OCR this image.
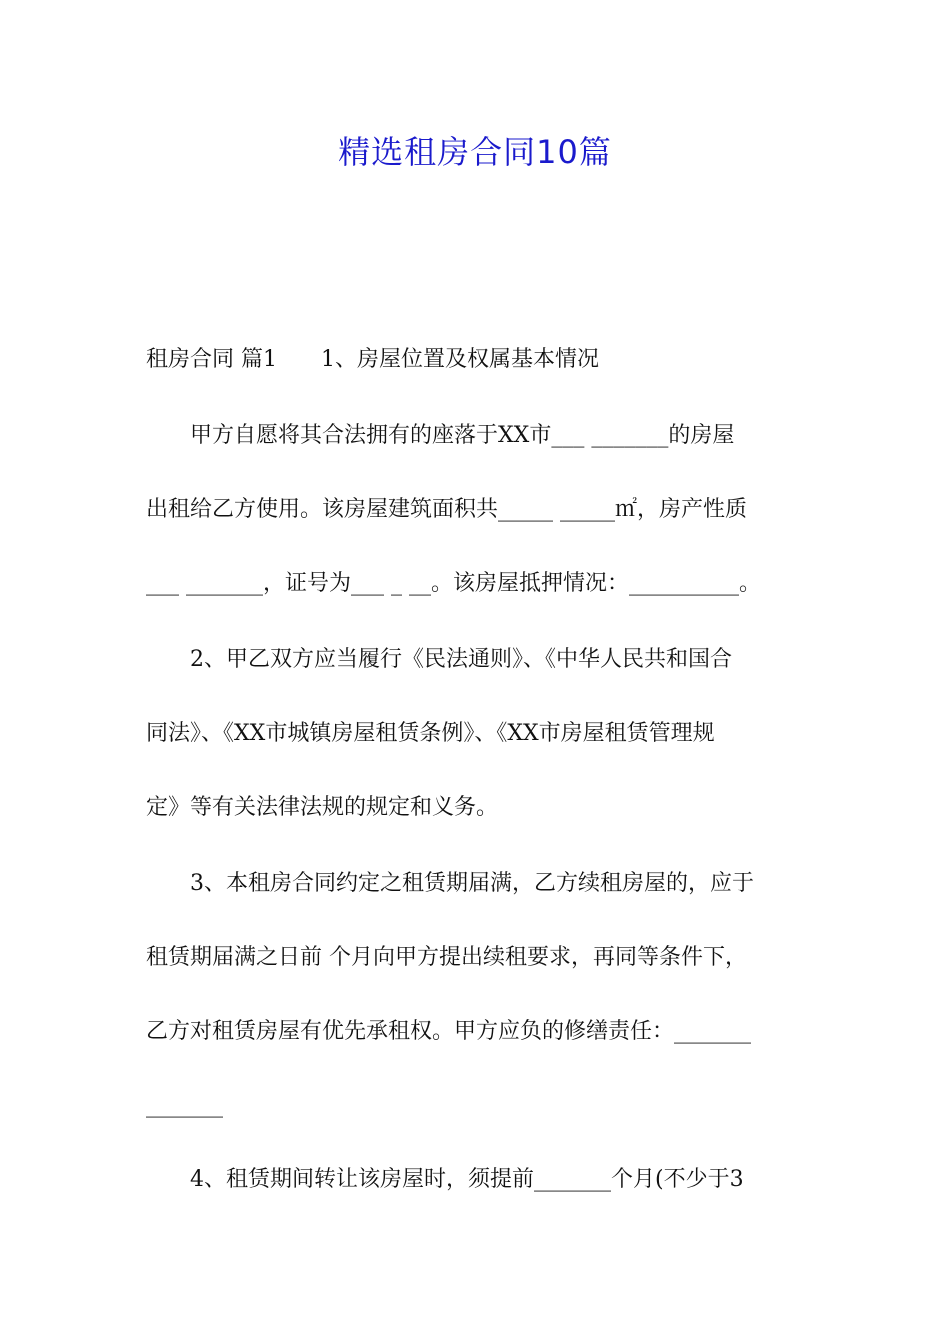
精选租房合同10篇
租房合同 篇1　　1、房屋位置及权属基本情况
甲方自愿将其合法拥有的座落于XX市___ _______的房屋
出租给乙方使用。该房屋建筑面积共_____ _____㎡，房产性质
___ _______，证号为___ _ __。该房屋抵押情况：__________。
2、甲乙双方应当履行《民法通则》、《中华人民共和国合
同法》、《XX市城镇房屋租赁条例》、《XX市房屋租赁管理规
定》等有关法律法规的规定和义务。
3、本租房合同约定之租赁期届满，乙方续租房屋的，应于
租赁期届满之日前 个月向甲方提出续租要求，再同等条件下，
乙方对租赁房屋有优先承租权。甲方应负的修缮责任：_______
_______
4、租赁期间转让该房屋时，须提前_______个月(不少于3
